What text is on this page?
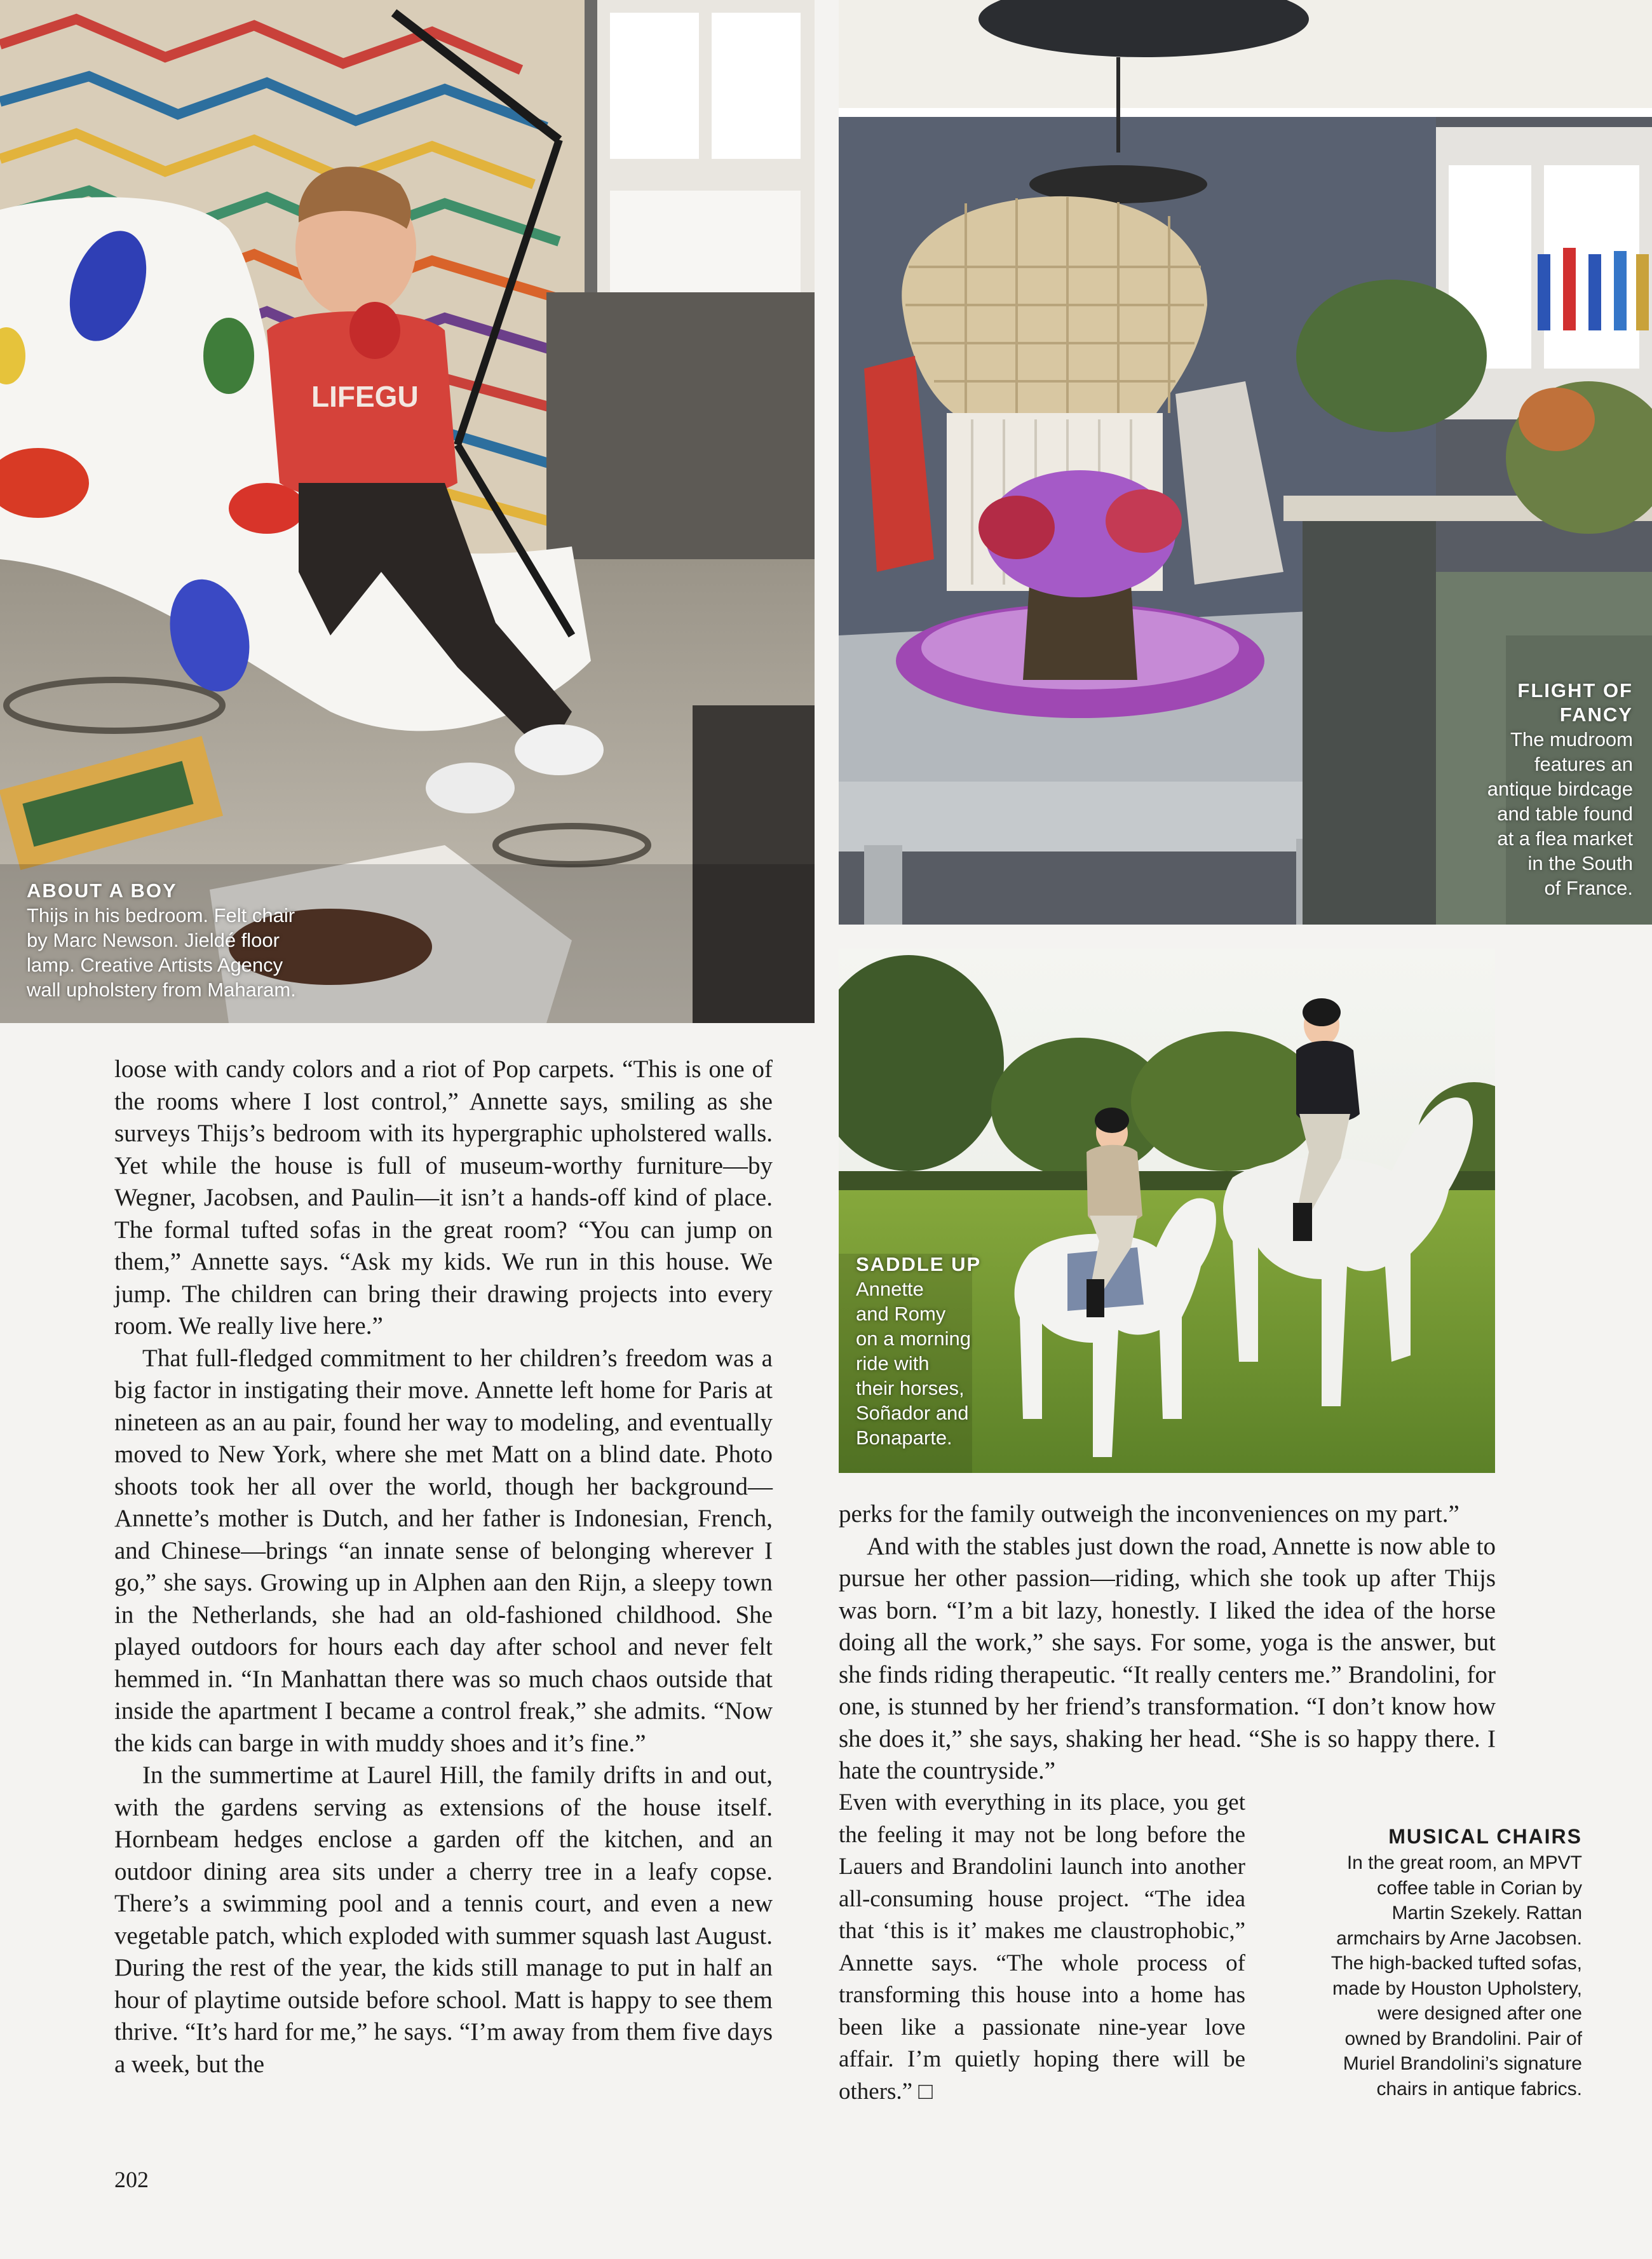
LIFEGU
ABOUT A BOY
Thijs in his bedroom. Felt chair
by Marc Newson. Jieldé floor
lamp. Creative Artists Agency
wall upholstery from Maharam.
FLIGHT OF
FANCY
The mudroom
features an
antique birdcage
and table found
at a flea market
in the South
of France.
SADDLE UP
Annette
and Romy
on a morning
ride with
their horses,
Soñador and
Bonaparte.

loose with candy colors and a riot of Pop carpets. “This is one of the rooms where I lost control,” Annette says, smiling as she surveys Thijs’s bedroom with its hypergraphic upholstered walls. Yet while the house is full of museum-worthy furniture—by Wegner, Jacobsen, and Paulin—it isn’t a hands-off kind of place. The formal tufted sofas in the great room? “You can jump on them,” Annette says. “Ask my kids. We run in this house. We jump. The children can bring their drawing projects into every room. We really live here.”

That full-fledged commitment to her children’s freedom was a big factor in instigating their move. Annette left home for Paris at nineteen as an au pair, found her way to modeling, and eventually moved to New York, where she met Matt on a blind date. Photo shoots took her all over the world, though her background—Annette’s mother is Dutch, and her father is Indonesian, French, and Chinese—brings “an innate sense of belonging wherever I go,” she says. Growing up in Alphen aan den Rijn, a sleepy town in the Netherlands, she had an old-fashioned childhood. She played outdoors for hours each day after school and never felt hemmed in. “In Manhattan there was so much chaos outside that inside the apartment I became a control freak,” she admits. “Now the kids can barge in with muddy shoes and it’s fine.”

In the summertime at Laurel Hill, the family drifts in and out, with the gardens serving as extensions of the house itself. Hornbeam hedges enclose a garden off the kitchen, and an outdoor dining area sits under a cherry tree in a leafy copse. There’s a swimming pool and a tennis court, and even a new vegetable patch, which exploded with summer squash last August. During the rest of the year, the kids still manage to put in half an hour of playtime outside before school. Matt is happy to see them thrive. “It’s hard for me,” he says. “I’m away from them five days a week, but the

perks for the family outweigh the inconveniences on my part.”

And with the stables just down the road, Annette is now able to pursue her other passion—riding, which she took up after Thijs was born. “I’m a bit lazy, honestly. I liked the idea of the horse doing all the work,” she says. For some, yoga is the answer, but she finds riding therapeutic. “It really centers me.” Brandolini, for one, is stunned by her friend’s transformation. “I don’t know how she does it,” she says, shaking her head. “She is so happy there. I hate the countryside.”

Even with everything in its place, you get the feeling it may not be long before the Lauers and Brandolini launch into another all-consuming house project. “The idea that ‘this is it’ makes me claustrophobic,” Annette says. “The whole process of transforming this house into a home has been like a passionate nine-year love affair. I’m quietly hoping there will be others.” □

MUSICAL CHAIRS
In the great room, an MPVT
coffee table in Corian by
Martin Szekely. Rattan
armchairs by Arne Jacobsen.
The high-backed tufted sofas,
made by Houston Upholstery,
were designed after one
owned by Brandolini. Pair of
Muriel Brandolini’s signature
chairs in antique fabrics.
202
